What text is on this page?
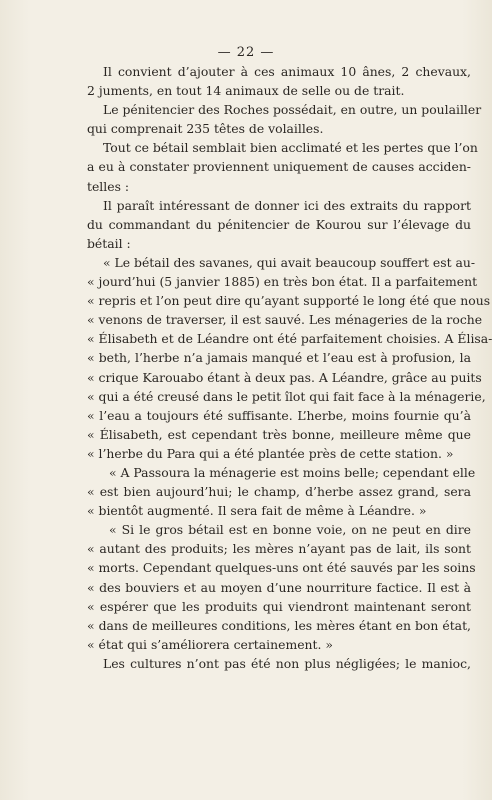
— 22 —
Il convient d’ajouter à ces animaux 10 ânes, 2 chevaux,
2 juments, en tout 14 animaux de selle ou de trait.
Le pénitencier des Roches possédait, en outre, un poulailler
qui comprenait 235 têtes de volailles.
Tout ce bétail semblait bien acclimaté et les pertes que l’on
a eu à constater proviennent uniquement de causes acciden-
telles :
Il paraît intéressant de donner ici des extraits du rapport
du commandant du pénitencier de Kourou sur l’élevage du
bétail :
« Le bétail des savanes, qui avait beaucoup souffert est au-
« jourd’hui (5 janvier 1885) en très bon état. Il a parfaitement
« repris et l’on peut dire qu’ayant supporté le long été que nous
« venons de traverser, il est sauvé. Les ménageries de la roche
« Élisabeth et de Léandre ont été parfaitement choisies. A Élisa-
« beth, l’herbe n’a jamais manqué et l’eau est à profusion, la
« crique Karouabo étant à deux pas. A Léandre, grâce au puits
« qui a été creusé dans le petit îlot qui fait face à la ménagerie,
« l’eau a toujours été suffisante. L’herbe, moins fournie qu’à
« Élisabeth, est cependant très bonne, meilleure même que
« l’herbe du Para qui a été plantée près de cette station. »
« A Passoura la ménagerie est moins belle; cependant elle
« est bien aujourd’hui; le champ, d’herbe assez grand, sera
« bientôt augmenté. Il sera fait de même à Léandre. »
« Si le gros bétail est en bonne voie, on ne peut en dire
« autant des produits; les mères n’ayant pas de lait, ils sont
« morts. Cependant quelques-uns ont été sauvés par les soins
« des bouviers et au moyen d’une nourriture factice. Il est à
« espérer que les produits qui viendront maintenant seront
« dans de meilleures conditions, les mères étant en bon état,
« état qui s’améliorera certainement. »
Les cultures n’ont pas été non plus négligées; le manioc,
